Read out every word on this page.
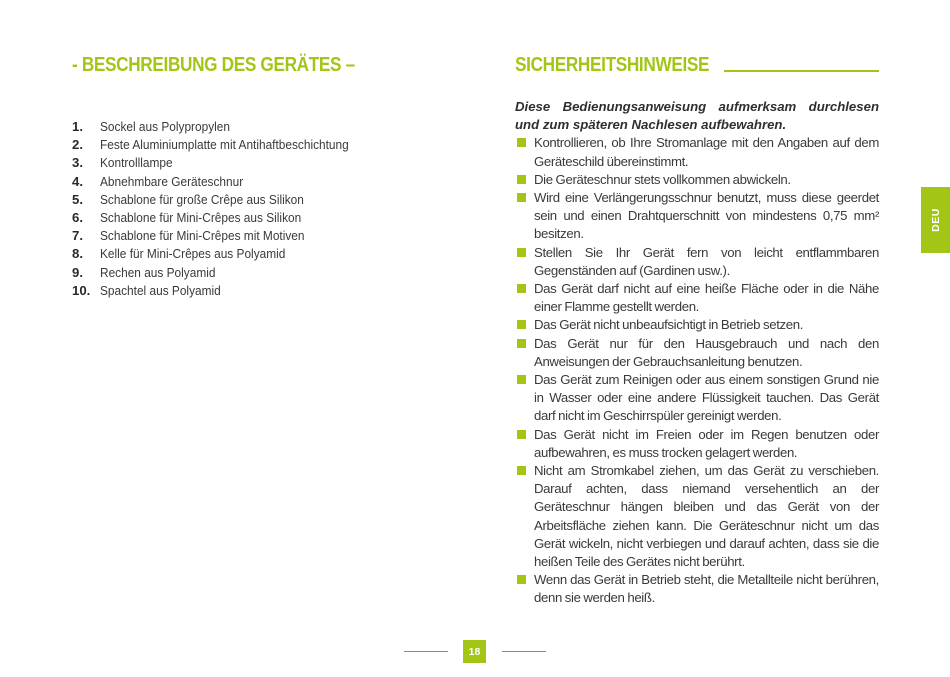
- BESCHREIBUNG DES GERÄTES –
1.	Sockel aus Polypropylen
2.	Feste Aluminiumplatte mit Antihaftbeschichtung
3.	Kontrolllampe
4.	Abnehmbare Geräteschnur
5.	Schablone für große Crêpe aus Silikon
6.	Schablone für Mini-Crêpes aus Silikon
7.	Schablone für Mini-Crêpes mit Motiven
8.	Kelle für Mini-Crêpes aus Polyamid
9.	Rechen aus Polyamid
10. Spachtel aus Polyamid
SICHERHEITSHINWEISE

Diese Bedienungsanweisung aufmerksam durchlesen und zum späteren Nachlesen aufbewahren.

Kontrollieren, ob Ihre Stromanlage mit den Angaben auf dem Geräteschild übereinstimmt.
Die Geräteschnur stets vollkommen abwickeln.
Wird eine Verlängerungsschnur benutzt, muss diese geerdet sein und einen Drahtquerschnitt von mindestens 0,75 mm² besitzen.
Stellen Sie Ihr Gerät fern von leicht entflammbaren Gegenständen auf (Gardinen usw.).
Das Gerät darf nicht auf eine heiße Fläche oder in die Nähe einer Flamme gestellt werden.
Das Gerät nicht unbeaufsichtigt in Betrieb setzen.
Das Gerät nur für den Hausgebrauch und nach den Anweisungen der Gebrauchsanleitung benutzen.
Das Gerät zum Reinigen oder aus einem sonstigen Grund nie in Wasser oder eine andere Flüssigkeit tauchen. Das Gerät darf nicht im Geschirrspüler gereinigt werden.
Das Gerät nicht im Freien oder im Regen benutzen oder aufbewahren, es muss trocken gelagert werden.
Nicht am Stromkabel ziehen, um das Gerät zu verschieben. Darauf achten, dass niemand versehentlich an der Geräteschnur hängen bleiben und das Gerät von der Arbeitsfläche ziehen kann. Die Geräteschnur nicht um das Gerät wickeln, nicht verbiegen und darauf achten, dass sie die heißen Teile des Gerätes nicht berührt.
Wenn das Gerät in Betrieb steht, die Metallteile nicht berühren, denn sie werden heiß.
DEU
18
